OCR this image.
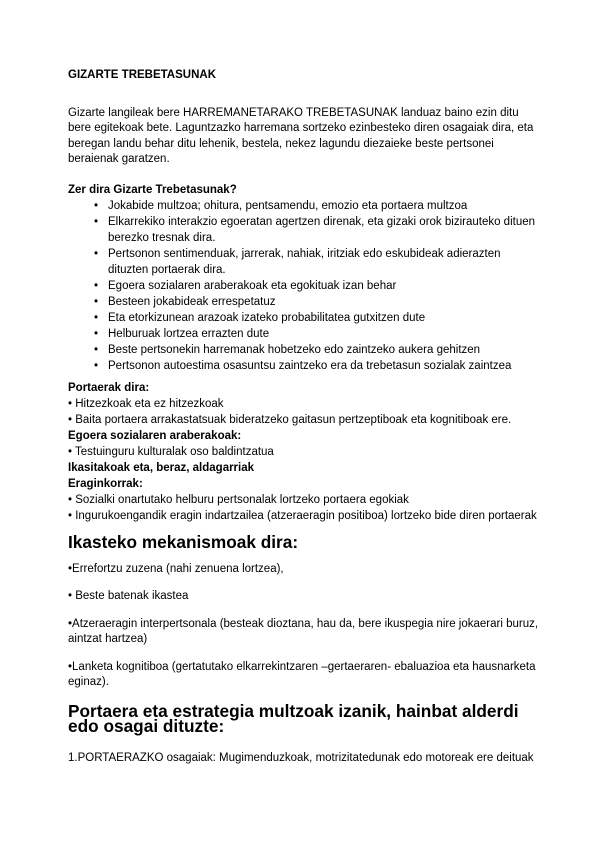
GIZARTE TREBETASUNAK

Gizarte langileak bere HARREMANETARAKO TREBETASUNAK landuaz baino ezin ditu bere egitekoak bete. Laguntzazko harremana sortzeko ezinbesteko diren osagaiak dira, eta beregan landu behar ditu lehenik, bestela, nekez lagundu diezaieke beste pertsonei beraienak garatzen.

Zer dira Gizarte Trebetasunak?
• Jokabide multzoa; ohitura, pentsamendu, emozio eta portaera multzoa
• Elkarrekiko interakzio egoeratan agertzen direnak, eta gizaki orok bizirauteko dituen berezko tresnak dira.
• Pertsonon sentimenduak, jarrerak, nahiak, iritziak edo eskubideak adierazten dituzten portaerak dira.
• Egoera sozialaren araberakoak eta egokituak izan behar
• Besteen jokabideak errespetatuz
• Eta etorkizunean arazoak izateko probabilitatea gutxitzen dute
• Helburuak lortzea errazten dute
• Beste pertsonekin harremanak hobetzeko edo zaintzeko aukera gehitzen
• Pertsonon autoestima osasuntsu zaintzeko era da trebetasun sozialak zaintzea
Portaerak dira:
• Hitzezkoak eta ez hitzezkoak
• Baita portaera arrakastatsuak bideratzeko gaitasun pertzeptiboak eta kognitiboak ere.
Egoera sozialaren araberakoak:
• Testuinguru kulturalak oso baldintzatua
Ikasitakoak eta, beraz, aldagarriak
Eraginkorrak:
• Sozialki onartutako helburu pertsonalak lortzeko portaera egokiak
• Ingurukoengandik eragin indartzailea (atzeraeragin positiboa) lortzeko bide diren portaerak
Ikasteko mekanismoak dira:

•Errefortzu zuzena (nahi zenuena lortzea),

• Beste batenak ikastea

•Atzeraeragin interpertsonala (besteak dioztana, hau da, bere ikuspegia nire jokaerari buruz, aintzat hartzea)

•Lanketa kognitiboa (gertatutako elkarrekintzaren –gertaeraren- ebaluazioa eta hausnarketa eginaz).

Portaera eta estrategia multzoak izanik, hainbat alderdi edo osagai dituzte:

1.PORTAERAZKO osagaiak: Mugimenduzkoak, motrizitatedunak edo motoreak ere deituak
